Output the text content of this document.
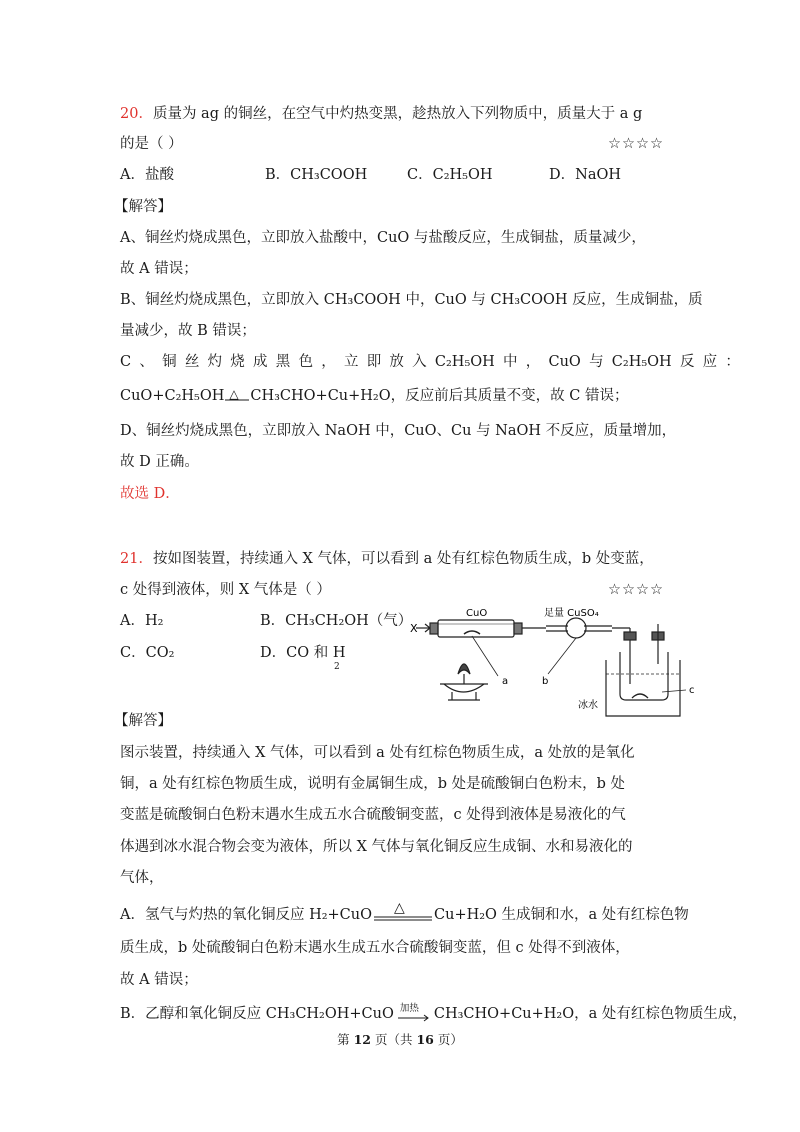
20．质量为 ag 的铜丝，在空气中灼热变黑，趁热放入下列物质中，质量大于 a g
的是（ ）	☆☆☆☆
A．盐酸	B．CH₃COOH	C．C₂H₅OH	D．NaOH
【解答】
A、铜丝灼烧成黑色，立即放入盐酸中，CuO 与盐酸反应，生成铜盐，质量减少，
故 A 错误；
B、铜丝灼烧成黑色，立即放入 CH₃COOH 中，CuO 与 CH₃COOH 反应，生成铜盐，质
量减少，故 B 错误；
C 、 铜 丝 灼 烧 成 黑 色 ， 立 即 放 入 C₂H₅OH 中 ， CuO 与 C₂H₅OH 反 应 ：
CuO+C₂H₅OH △ CH₃CHO+Cu+H₂O，反应前后其质量不变，故 C 错误；
D、铜丝灼烧成黑色，立即放入 NaOH 中，CuO、Cu 与 NaOH 不反应，质量增加，
故 D 正确。
故选 D．
21．按如图装置，持续通入 X 气体，可以看到 a 处有红棕色物质生成，b 处变蓝，
c 处得到液体，则 X 气体是（ ）	☆☆☆☆
A．H₂	B．CH₃CH₂OH（气）
C．CO₂	D．CO 和 H
2
X
CuO	足量 CuSO₄
a	b
c
冰水
【解答】
图示装置，持续通入 X 气体，可以看到 a 处有红棕色物质生成，a 处放的是氧化
铜，a 处有红棕色物质生成，说明有金属铜生成，b 处是硫酸铜白色粉末，b 处
变蓝是硫酸铜白色粉末遇水生成五水合硫酸铜变蓝，c 处得到液体是易液化的气
体遇到冰水混合物会变为液体，所以 X 气体与氧化铜反应生成铜、水和易液化的
气体，
A．氢气与灼热的氧化铜反应 H₂+CuO △ Cu+H₂O 生成铜和水，a 处有红棕色物
质生成，b 处硫酸铜白色粉末遇水生成五水合硫酸铜变蓝，但 c 处得不到液体，
故 A 错误；
B．乙醇和氧化铜反应 CH₃CH₂OH+CuO 加热 CH₃CHO+Cu+H₂O，a 处有红棕色物质生成，
第 12 页（共 16 页）
